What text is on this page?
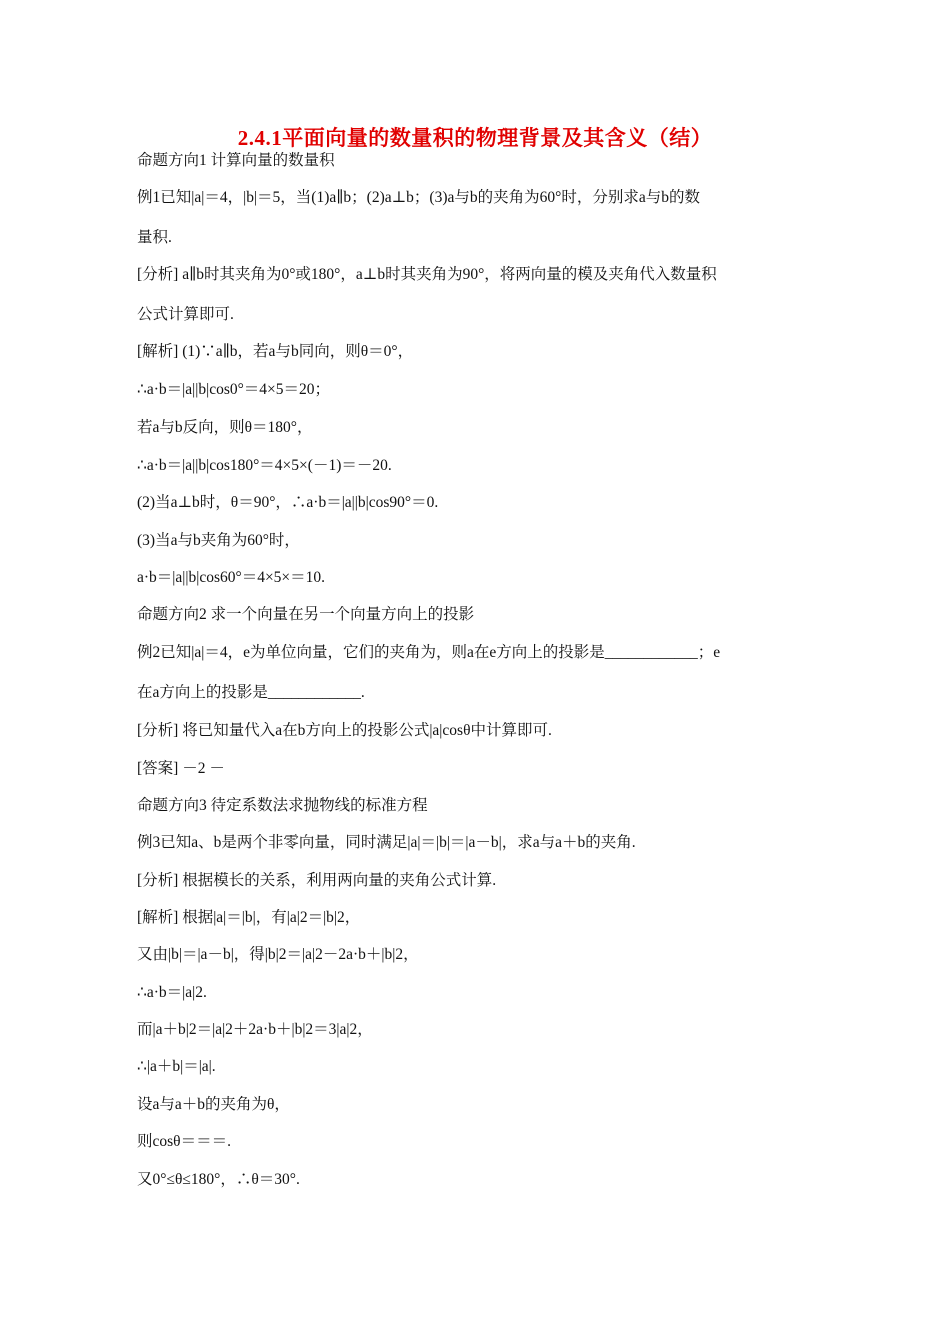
2.4.1平面向量的数量积的物理背景及其含义（结）
命题方向1 计算向量的数量积
例1已知|a|＝4，|b|＝5，当(1)a∥b；(2)a⊥b；(3)a与b的夹角为60°时，分别求a与b的数
量积.
[分析] a∥b时其夹角为0°或180°，a⊥b时其夹角为90°，将两向量的模及夹角代入数量积
公式计算即可.
[解析] (1)∵a∥b，若a与b同向，则θ＝0°，
∴a·b＝|a||b|cos0°＝4×5＝20；
若a与b反向，则θ＝180°，
∴a·b＝|a||b|cos180°＝4×5×(－1)＝－20.
(2)当a⊥b时，θ＝90°，∴a·b＝|a||b|cos90°＝0.
(3)当a与b夹角为60°时，
a·b＝|a||b|cos60°＝4×5×＝10.
命题方向2 求一个向量在另一个向量方向上的投影
例2已知|a|＝4，e为单位向量，它们的夹角为，则a在e方向上的投影是____________；e
在a方向上的投影是____________.
[分析] 将已知量代入a在b方向上的投影公式|a|cosθ中计算即可.
[答案] －2 －
命题方向3 待定系数法求抛物线的标准方程
例3已知a、b是两个非零向量，同时满足|a|＝|b|＝|a－b|，求a与a＋b的夹角.
[分析] 根据模长的关系，利用两向量的夹角公式计算.
[解析] 根据|a|＝|b|，有|a|2＝|b|2，
又由|b|＝|a－b|，得|b|2＝|a|2－2a·b＋|b|2，
∴a·b＝|a|2.
而|a＋b|2＝|a|2＋2a·b＋|b|2＝3|a|2，
∴|a＋b|＝|a|.
设a与a＋b的夹角为θ，
则cosθ＝＝＝.
又0°≤θ≤180°，∴θ＝30°.
